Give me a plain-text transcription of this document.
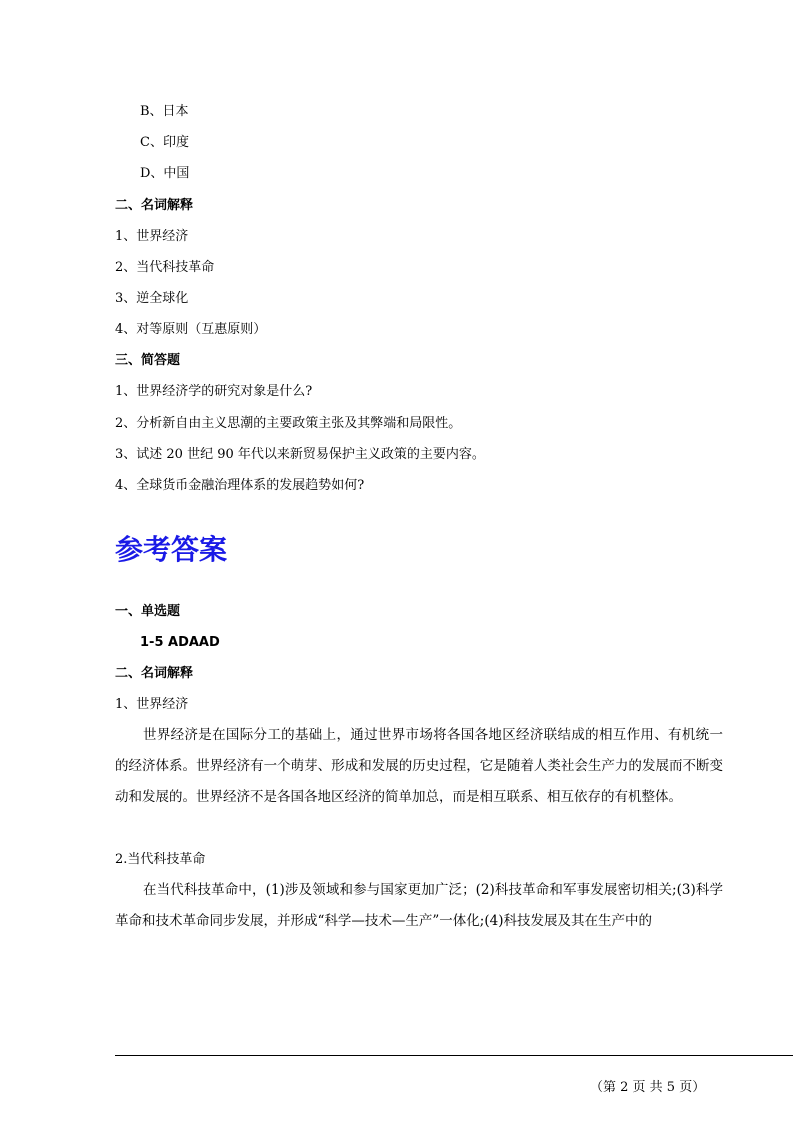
B、日本

C、印度

D、中国

二、名词解释

1、世界经济

2、当代科技革命

3、逆全球化

4、对等原则（互惠原则）

三、简答题

1、世界经济学的研究对象是什么?

2、分析新自由主义思潮的主要政策主张及其弊端和局限性。

3、试述 20 世纪 90 年代以来新贸易保护主义政策的主要内容。

4、全球货币金融治理体系的发展趋势如何?

参考答案

一、单选题

1-5 ADAAD

二、名词解释

1、世界经济

世界经济是在国际分工的基础上，通过世界市场将各国各地区经济联结成的相互作用、有机统一的经济体系。世界经济有一个萌芽、形成和发展的历史过程，它是随着人类社会生产力的发展而不断变动和发展的。世界经济不是各国各地区经济的简单加总，而是相互联系、相互依存的有机整体。

2.当代科技革命

在当代科技革命中，(1)涉及领域和参与国家更加广泛；(2)科技革命和军事发展密切相关;(3)科学革命和技术革命同步发展，并形成“科学—技术—生产”一体化;(4)科技发展及其在生产中的

（第 2 页 共 5 页）
